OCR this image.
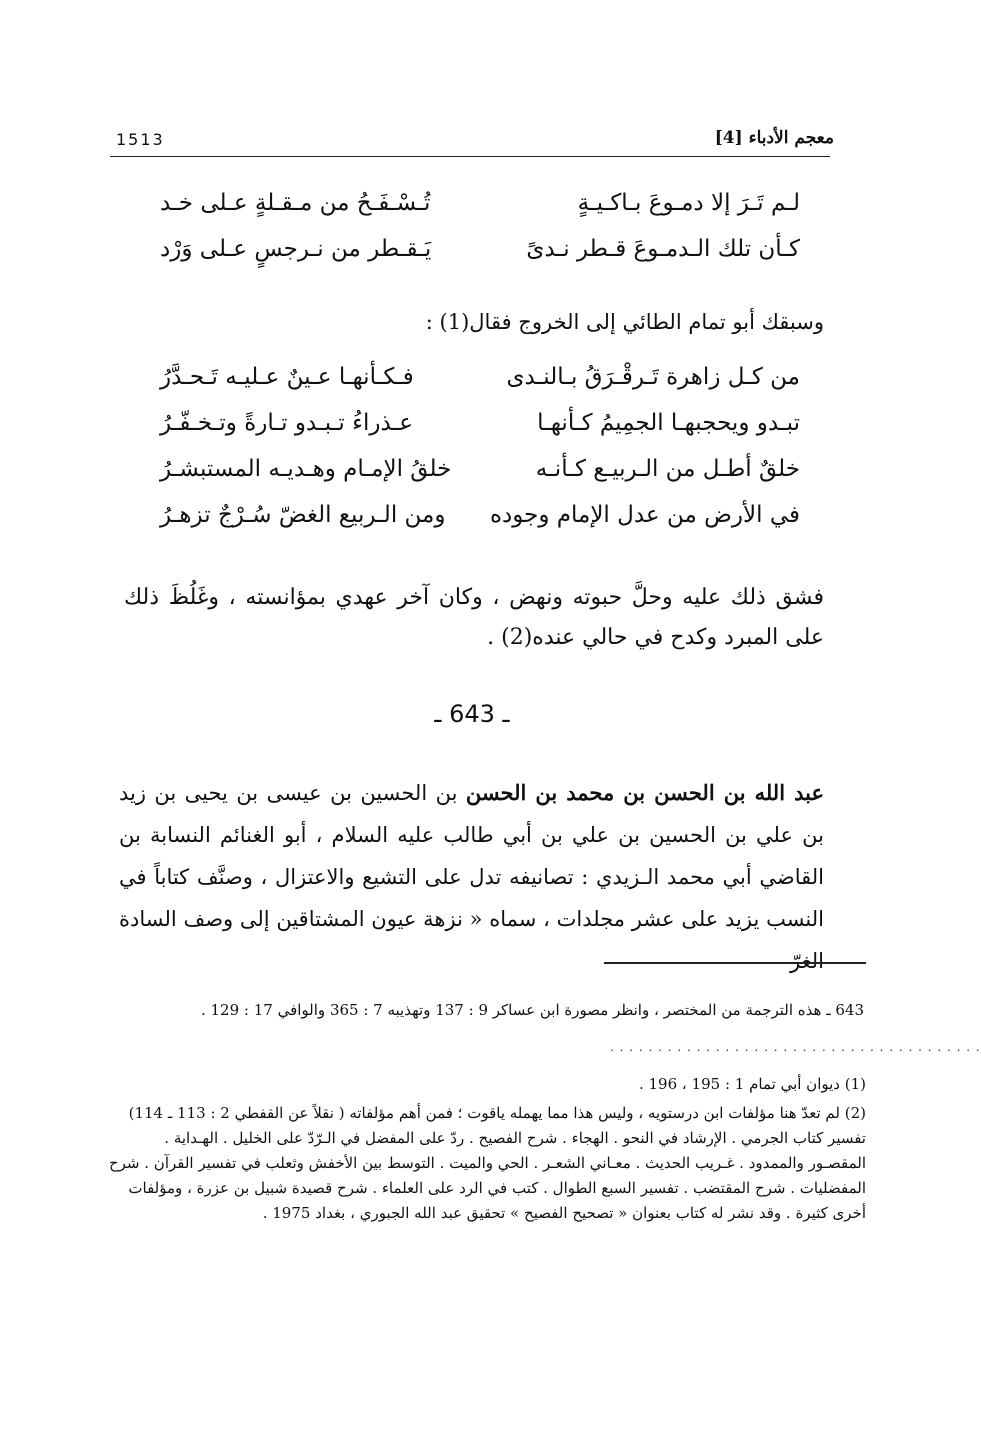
معجم الأدباء [4]
1513
لـم تَـرَ إلا دمـوعَ بـاكـيـةٍ
تُـسْـفَـحُ من مـقـلةٍ عـلى خـد
كـأن تلك الـدمـوعَ قـطر نـدىً
يَـقـطر من نـرجسٍ عـلى وَرْد
وسبقك أبو تمام الطائي إلى الخروج فقال(1) :
من كـل زاهرة تَـرقْـرَقُ بـالنـدى
فـكـأنهـا عـينٌ عـليـه تَـحـدَّرُ
تبـدو ويحجبهـا الجمِيمُ كـأنهـا
عـذراءُ تـبـدو تـارةً وتـخـفّـرُ
خلقٌ أطـل من الـربيـع كـأنـه
خلقُ الإمـام وهـديـه المستبشـرُ
في الأرض من عدل الإمام وجوده
ومن الـربيع الغضّ سُـرْجٌ تزهـرُ
فشق ذلك عليه وحلَّ حبوته ونهض ، وكان آخر عهدي بمؤانسته ، وغَلُظَ ذلك على المبرد وكدح في حالي عنده(2) .
ـ 643 ـ
عبد الله بن الحسن بن محمد بن الحسن بن الحسين بن عيسى بن يحيى بن زيد بن علي بن الحسين بن علي بن أبي طالب عليه السلام ، أبو الغنائم النسابة بن القاضي أبي محمد الـزيدي : تصانيفه تدل على التشيع والاعتزال ، وصنَّف كتاباً في النسب يزيد على عشر مجلدات ، سماه « نزهة عيون المشتاقين إلى وصف السادة الغرّ
643 ـ هذه الترجمة من المختصر ، وانظر مصورة ابن عساكر 9 : 137 وتهذيبه 7 : 365 والوافي 17 : 129 .
. . . . . . . . . . . . . . . . . . . . . . . . . . . . . . . . . . . . . . .

(1) ديوان أبي تمام 1 : 195 ، 196 .

(2) لم تعدّ هنا مؤلفات ابن درستويه ، وليس هذا مما يهمله ياقوت ؛ فمن أهم مؤلفاته ( نقلاً عن القفطي 2 : 113 ـ 114) تفسير كتاب الجرمي . الإرشاد في النحو . الهجاء . شرح الفصيح . ردّ على المفضل في الـرّدّ على الخليل . الهـداية . المقصـور والممدود . غـريب الحديث . معـاني الشعـر . الحي والميت . التوسط بين الأخفش وثعلب في تفسير القرآن . شرح المفضليات . شرح المقتضب . تفسير السبع الطوال . كتب في الرد على العلماء . شرح قصيدة شبيل بن عزرة ، ومؤلفات أخرى كثيرة . وقد نشر له كتاب بعنوان « تصحيح الفصيح » تحقيق عبد الله الجبوري ، بغداد 1975 .
